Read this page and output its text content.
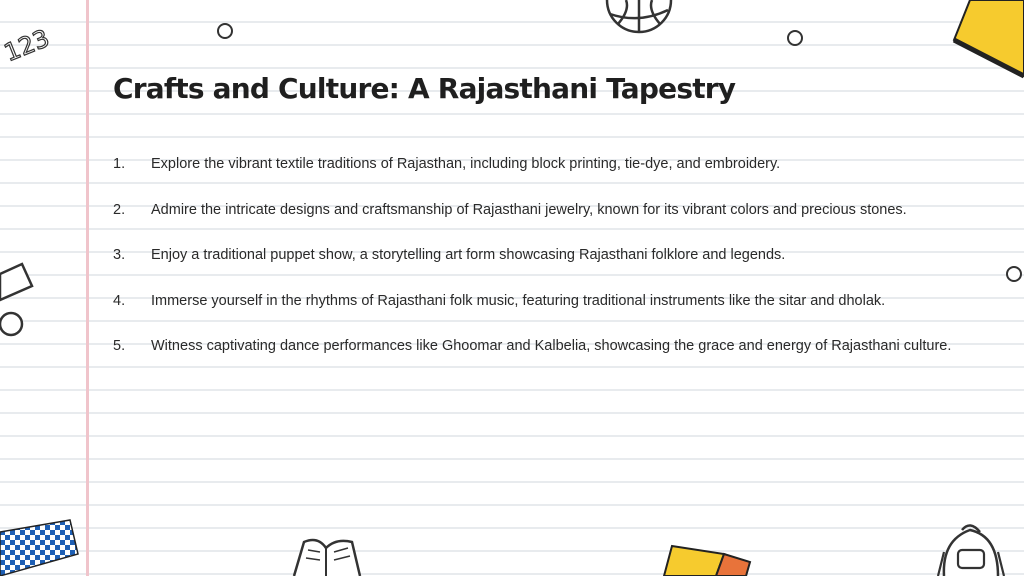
123
Crafts and Culture: A Rajasthani Tapestry
1.	Explore the vibrant textile traditions of Rajasthan, including block printing, tie-dye, and embroidery.
2.	Admire the intricate designs and craftsmanship of Rajasthani jewelry, known for its vibrant colors and precious stones.
3.	Enjoy a traditional puppet show, a storytelling art form showcasing Rajasthani folklore and legends.
4.	Immerse yourself in the rhythms of Rajasthani folk music, featuring traditional instruments like the sitar and dholak.
5.	Witness captivating dance performances like Ghoomar and Kalbelia, showcasing the grace and energy of Rajasthani culture.
